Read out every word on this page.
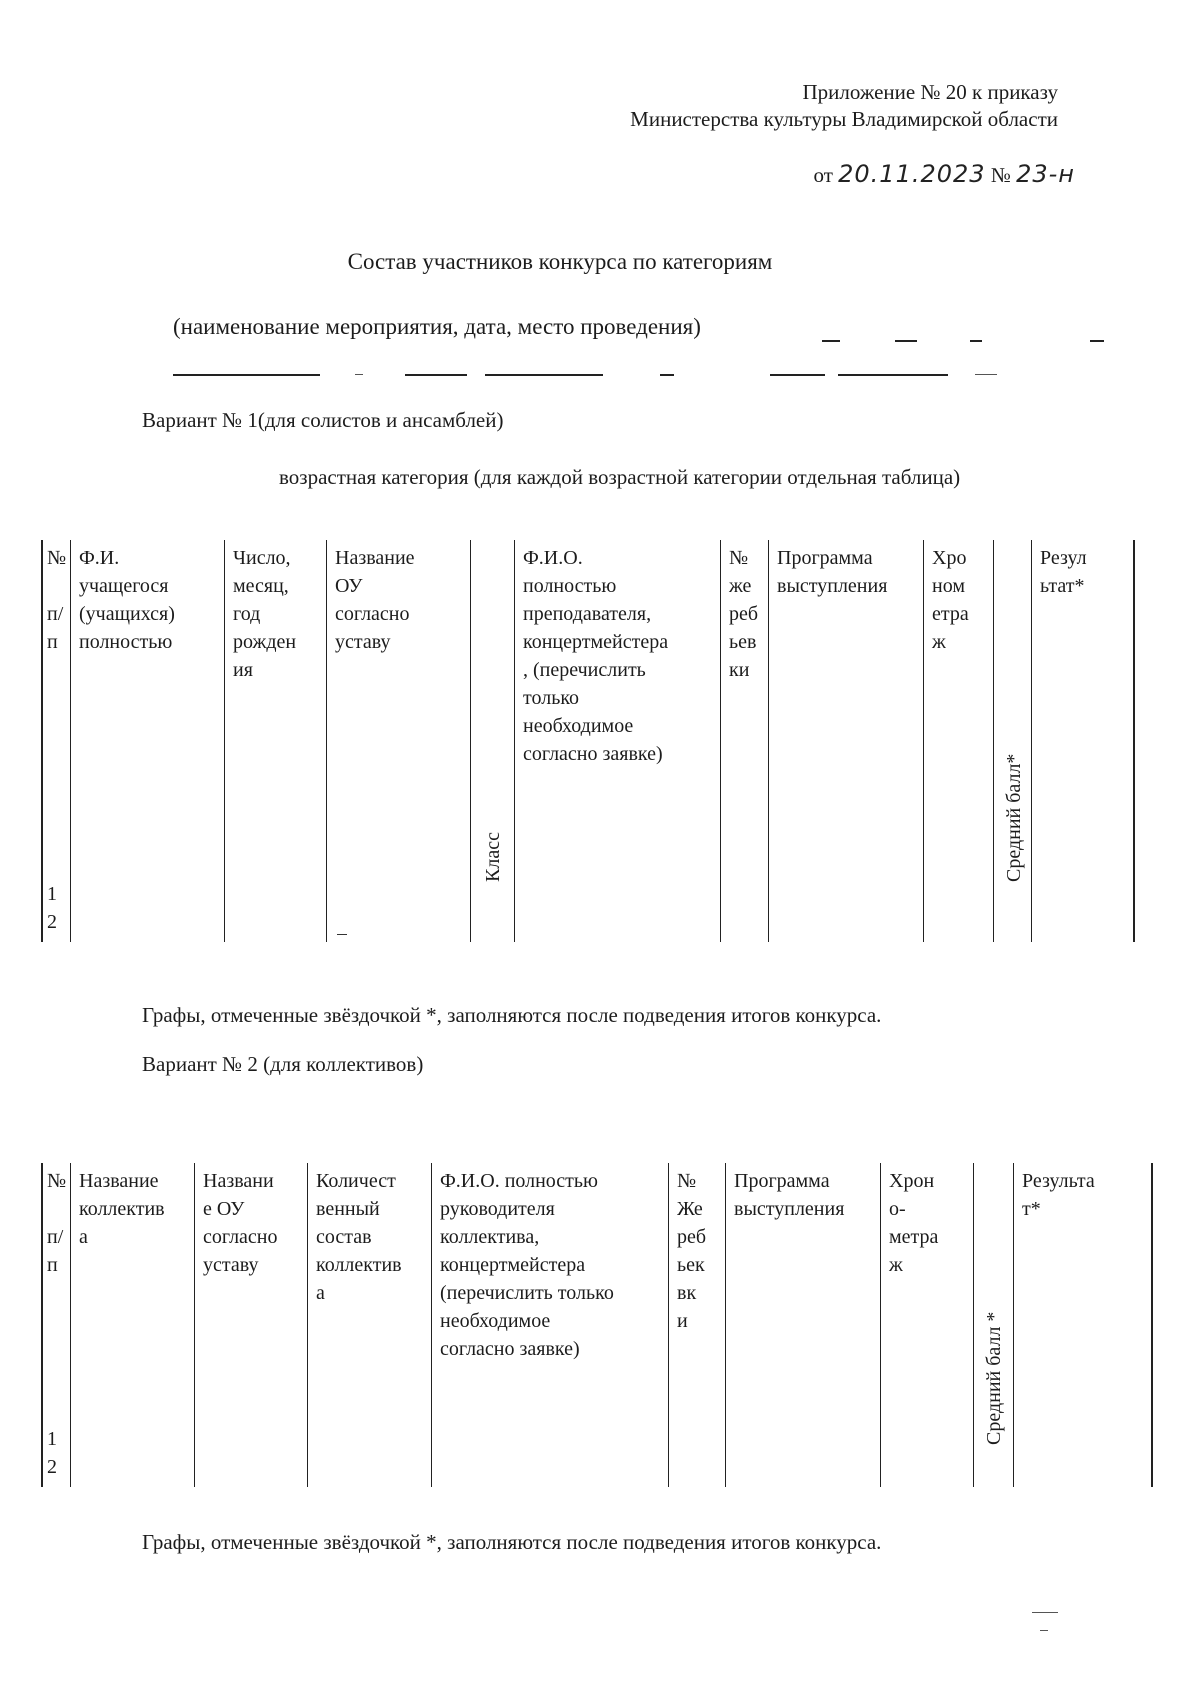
Приложение № 20 к приказу
Министерства культуры Владимирской области
от 20.11.2023 № 23-н
Состав участников конкурса по категориям
(наименование мероприятия, дата, место проведения)
Вариант № 1(для солистов и ансамблей)
возрастная категория (для каждой возрастной категории отдельная таблица)
№

п/
п
1
2
Ф.И.
учащегося
(учащихся)
полностью
Число,
месяц,
год
рожден
ия
Название
ОУ
согласно
уставу
Класс
Ф.И.О.
полностью
преподавателя,
концертмейстера
, (перечислить
только
необходимое
согласно заявке)
№
же
реб
ьев
ки
Программа
выступления
Хро
ном
етра
ж
Средний балл*
Резул
ьтат*
Графы, отмеченные звёздочкой *, заполняются после подведения итогов конкурса.
Вариант № 2 (для коллективов)
№

п/
п
1
2
Название
коллектив
а
Названи
е ОУ
согласно
уставу
Количест
венный
состав
коллектив
а
Ф.И.О. полностью
руководителя
коллектива,
концертмейстера
(перечислить только
необходимое
согласно заявке)
№
Же
реб
ьек
вк
и
Программа
выступления
Хрон
о-
метра
ж
Средний балл *
Результа
т*
Графы, отмеченные звёздочкой *, заполняются после подведения итогов конкурса.
